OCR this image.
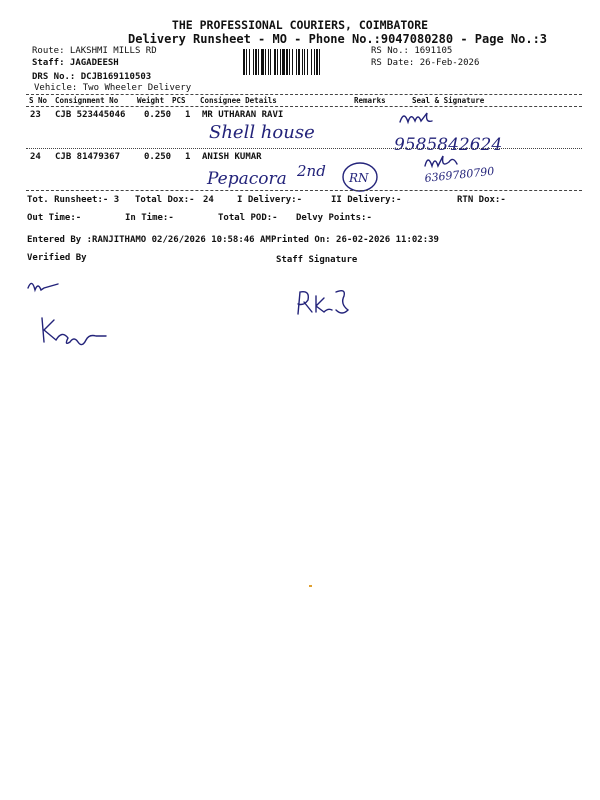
THE PROFESSIONAL COURIERS, COIMBATORE
Delivery Runsheet - MO - Phone No.:9047080280 - Page No.:3
Route: LAKSHMI MILLS RD
Staff: JAGADEESH
DRS No.: DCJB169110503
Vehicle: Two Wheeler Delivery
RS No.: 1691105
RS Date: 26-Feb-2026
S No Consignment No	Weight PCS Consignee Details	Remarks	Seal & Signature
23 CJB 523445046 0.250 1 MR UTHARAN RAVI
Shell house
9585842624
24 CJB 81479367	0.250 1 ANISH KUMAR
Pepacora 2nd RN	6369780790
Tot. Runsheet:- 3 Total Dox:- 24	I Delivery:-	II Delivery:-	RTN Dox:-
Out Time:-	In Time:-	Total POD:- Delvy Points:-
Entered By :RANJITHAMO 02/26/2026 10:58:46 AM Printed On: 26-02-2026 11:02:39
Verified By	Staff Signature
